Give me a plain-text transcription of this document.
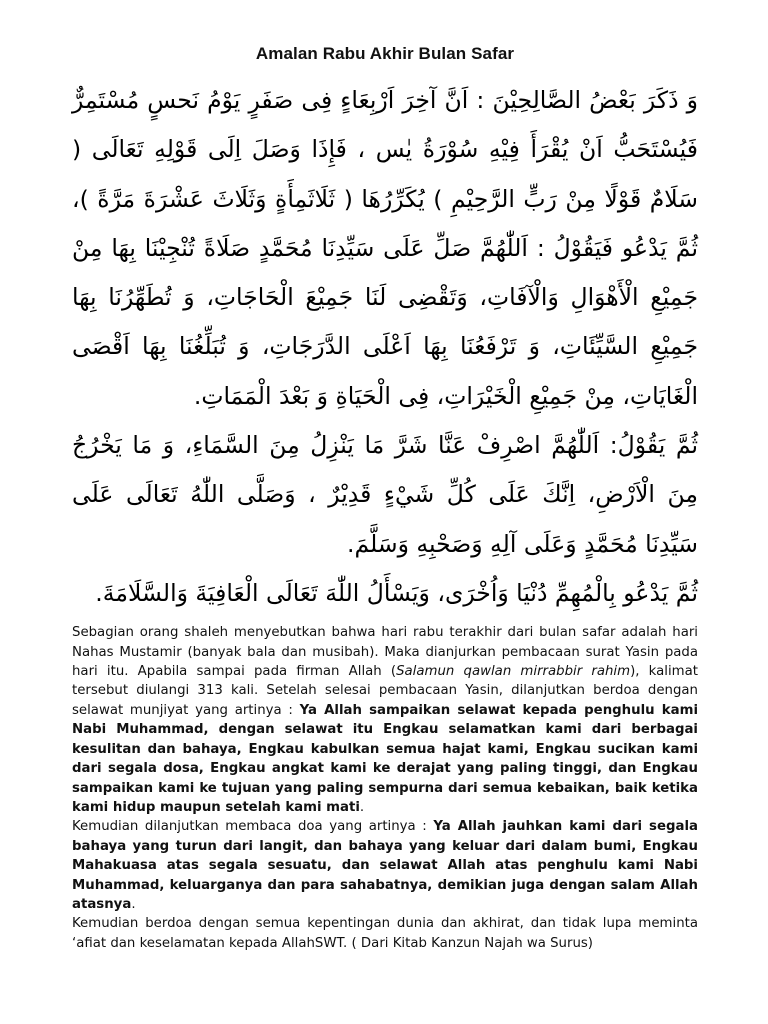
Amalan Rabu Akhir Bulan Safar

وَ ذَكَرَ بَعْضُ الصَّالِحِيْنَ : اَنَّ آخِرَ اَرْبِعَاءٍ فِى صَفَرٍ يَوْمُ نَحسٍ مُسْتَمِرٌّ فَيُسْتَحَبُّ اَنْ يُقْرَأَ فِيْهِ سُوْرَةُ يٰس ، فَإِذَا وَصَلَ اِلَى قَوْلِهِ تَعَالَى ( سَلَامٌ قَوْلًا مِنْ رَبٍّ الرَّحِيْمِ ) يُكَرِّرُهَا ( ثَلَاثَمِأَةٍ وَثَلَاثَ عَشْرَةَ مَرَّةً )، ثُمَّ يَدْعُو فَيَقُوْلُ : اَللّٰهُمَّ صَلِّ عَلَى سَيِّدِنَا مُحَمَّدٍ صَلَاةً تُنْجِيْنَا بِهَا مِنْ جَمِيْعِ الْأَهْوَالِ وَالْآفَاتِ، وَتَقْضِى لَنَا جَمِيْعَ الْحَاجَاتِ، وَ تُطَهِّرُنَا بِهَا جَمِيْعِ السَّيِّئَاتِ، وَ تَرْفَعُنَا بِهَا اَعْلَى الدَّرَجَاتِ، وَ تُبَلِّغُنَا بِهَا اَقْصَى الْغَايَاتِ، مِنْ جَمِيْعِ الْخَيْرَاتِ، فِى الْحَيَاةِ وَ بَعْدَ الْمَمَاتِ.

ثُمَّ يَقُوْلُ: اَللّٰهُمَّ اصْرِفْ عَنَّا شَرَّ مَا يَنْزِلُ مِنَ السَّمَاءِ، وَ مَا يَخْرُجُ مِنَ الْاَرْضِ، اِنَّكَ عَلَى كُلِّ شَيْءٍ قَدِيْرٌ ، وَصَلَّى اللّٰهُ تَعَالَى عَلَى سَيِّدِنَا مُحَمَّدٍ وَعَلَى آلِهِ وَصَحْبِهِ وَسَلَّمَ.

ثُمَّ يَدْعُو بِالْمُهِمِّ دُنْيَا وَاُخْرَى، وَيَسْأَلُ اللّٰهَ تَعَالَى الْعَافِيَةَ وَالسَّلَامَةَ.

Sebagian orang shaleh menyebutkan bahwa hari rabu terakhir dari bulan safar adalah hari Nahas Mustamir (banyak bala dan musibah). Maka dianjurkan pembacaan surat Yasin pada hari itu. Apabila sampai pada firman Allah (Salamun qawlan mirrabbir rahim), kalimat tersebut diulangi 313 kali. Setelah selesai pembacaan Yasin, dilanjutkan berdoa dengan selawat munjiyat yang artinya : Ya Allah sampaikan selawat kepada penghulu kami Nabi Muhammad, dengan selawat itu Engkau selamatkan kami dari berbagai kesulitan dan bahaya, Engkau kabulkan semua hajat kami, Engkau sucikan kami dari segala dosa, Engkau angkat kami ke derajat yang paling tinggi, dan Engkau sampaikan kami ke tujuan yang paling sempurna dari semua kebaikan, baik ketika kami hidup maupun setelah kami mati.

Kemudian dilanjutkan membaca doa yang artinya : Ya Allah jauhkan kami dari segala bahaya yang turun dari langit, dan bahaya yang keluar dari dalam bumi, Engkau Mahakuasa atas segala sesuatu, dan selawat Allah atas penghulu kami Nabi Muhammad, keluarganya dan para sahabatnya, demikian juga dengan salam Allah atasnya.

Kemudian berdoa dengan semua kepentingan dunia dan akhirat, dan tidak lupa meminta ‘afiat dan keselamatan kepada AllahSWT. ( Dari Kitab Kanzun Najah wa Surus)
